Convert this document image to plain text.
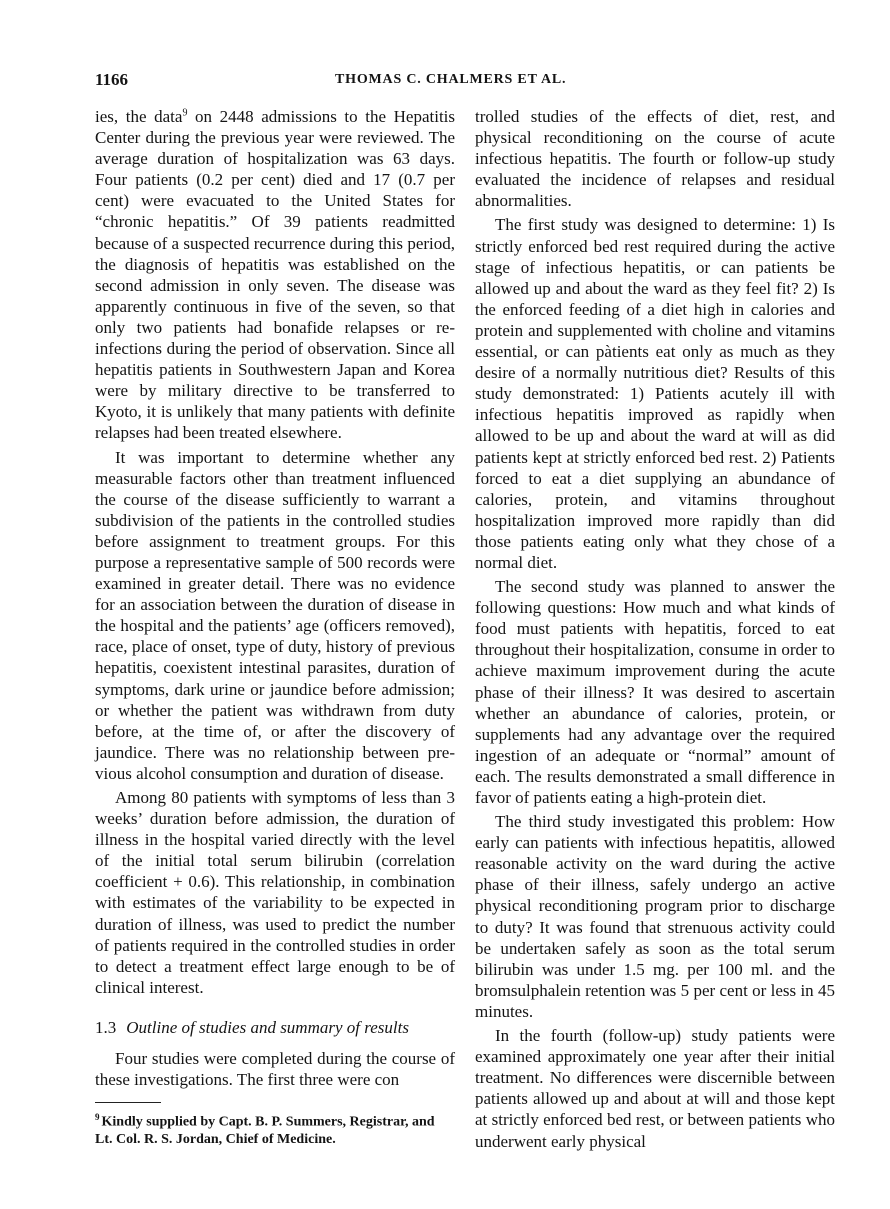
1166	THOMAS C. CHALMERS ET AL.

ies, the data$^9$ on 2448 admissions to the Hepatitis Center during the previous year were reviewed. The average duration of hospitalization was 63 days. Four patients (0.2 per cent) died and 17 (0.7 per cent) were evacuated to the United States for “chronic hepatitis.” Of 39 patients readmitted because of a suspected recurrence during this period, the diagnosis of hepatitis was established on the second admission in only seven. The disease was apparently continuous in five of the seven, so that only two patients had bonafide relapses or reinfections during the period of observation. Since all hepatitis patients in Southwestern Japan and Korea were by military directive to be transferred to Kyoto, it is unlikely that many patients with definite relapses had been treated elsewhere.

It was important to determine whether any measurable factors other than treatment influenced the course of the disease sufficiently to warrant a subdivision of the patients in the controlled studies before assignment to treatment groups. For this purpose a representative sample of 500 records were examined in greater detail. There was no evidence for an association between the duration of disease in the hospital and the patients’ age (officers removed), race, place of onset, type of duty, history of previous hepatitis, coexistent intestinal parasites, duration of symptoms, dark urine or jaundice before admission; or whether the patient was withdrawn from duty before, at the time of, or after the discovery of jaundice. There was no relationship between previous alcohol consumption and duration of disease.

Among 80 patients with symptoms of less than 3 weeks’ duration before admission, the duration of illness in the hospital varied directly with the level of the initial total serum bilirubin (correlation coefficient + 0.6). This relationship, in combination with estimates of the variability to be expected in duration of illness, was used to predict the number of patients required in the controlled studies in order to detect a treatment effect large enough to be of clinical interest.

1.3 Outline of studies and summary of results

Four studies were completed during the course of these investigations. The first three were con

$^9$ Kindly supplied by Capt. B. P. Summers, Registrar, and Lt. Col. R. S. Jordan, Chief of Medicine.

trolled studies of the effects of diet, rest, and physical reconditioning on the course of acute infectious hepatitis. The fourth or follow-up study evaluated the incidence of relapses and residual abnormalities.

The first study was designed to determine: 1) Is strictly enforced bed rest required during the active stage of infectious hepatitis, or can patients be allowed up and about the ward as they feel fit? 2) Is the enforced feeding of a diet high in calories and protein and supplemented with choline and vitamins essential, or can pàtients eat only as much as they desire of a normally nutritious diet? Results of this study demonstrated: 1) Patients acutely ill with infectious hepatitis improved as rapidly when allowed to be up and about the ward at will as did patients kept at strictly enforced bed rest. 2) Patients forced to eat a diet supplying an abundance of calories, protein, and vitamins throughout hospitalization improved more rapidly than did those patients eating only what they chose of a normal diet.

The second study was planned to answer the following questions: How much and what kinds of food must patients with hepatitis, forced to eat throughout their hospitalization, consume in order to achieve maximum improvement during the acute phase of their illness? It was desired to ascertain whether an abundance of calories, protein, or supplements had any advantage over the required ingestion of an adequate or “normal” amount of each. The results demonstrated a small difference in favor of patients eating a high-protein diet.

The third study investigated this problem: How early can patients with infectious hepatitis, allowed reasonable activity on the ward during the active phase of their illness, safely undergo an active physical reconditioning program prior to discharge to duty? It was found that strenuous activity could be undertaken safely as soon as the total serum bilirubin was under 1.5 mg. per 100 ml. and the bromsulphalein retention was 5 per cent or less in 45 minutes.

In the fourth (follow-up) study patients were examined approximately one year after their initial treatment. No differences were discernible between patients allowed up and about at will and those kept at strictly enforced bed rest, or between patients who underwent early physical
